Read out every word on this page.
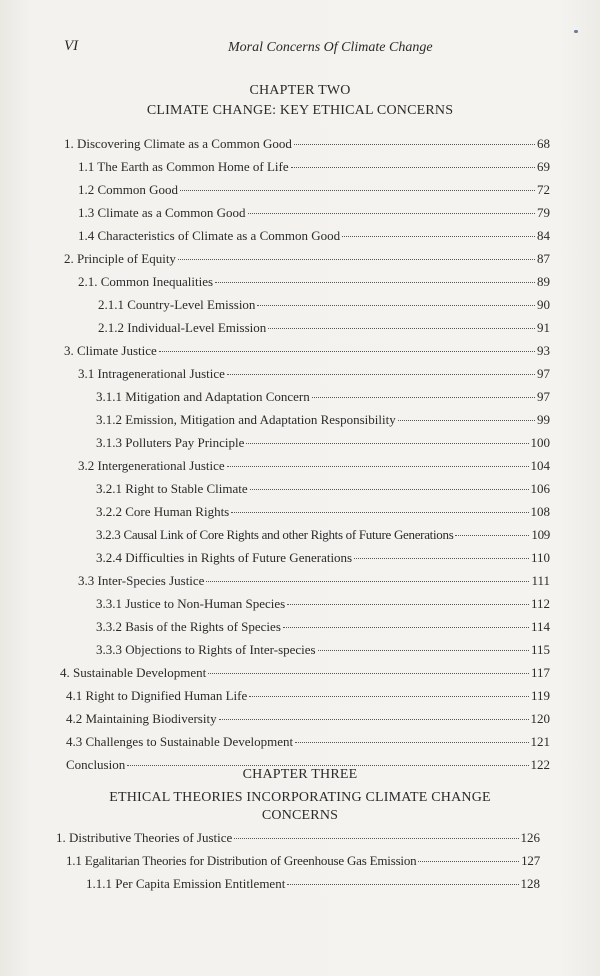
VI	Moral Concerns Of Climate Change
CHAPTER TWO
CLIMATE CHANGE: KEY ETHICAL CONCERNS
1. Discovering Climate as a Common Good	68
1.1 The Earth as Common Home of Life	69
1.2 Common Good	72
1.3 Climate as a Common Good	79
1.4 Characteristics of Climate as a Common Good	84
2. Principle of Equity	87
2.1. Common Inequalities	89
2.1.1 Country-Level Emission	90
2.1.2 Individual-Level Emission	91
3. Climate Justice	93
3.1 Intragenerational Justice	97
3.1.1 Mitigation and Adaptation Concern	97
3.1.2 Emission, Mitigation and Adaptation Responsibility	99
3.1.3 Polluters Pay Principle	100
3.2 Intergenerational Justice	104
3.2.1 Right to Stable Climate	106
3.2.2 Core Human Rights	108
3.2.3 Causal Link of Core Rights and other Rights of Future Generations	109
3.2.4 Difficulties in Rights of Future Generations	110
3.3 Inter-Species Justice	111
3.3.1 Justice to Non-Human Species	112
3.3.2 Basis of the Rights of Species	114
3.3.3 Objections to Rights of Inter-species	115
4. Sustainable Development	117
4.1 Right to Dignified Human Life	119
4.2 Maintaining Biodiversity	120
4.3 Challenges to Sustainable Development	121
Conclusion	122
CHAPTER THREE
ETHICAL THEORIES INCORPORATING CLIMATE CHANGE
CONCERNS
1. Distributive Theories of Justice	126
1.1 Egalitarian Theories for Distribution of Greenhouse Gas Emission	127
1.1.1 Per Capita Emission Entitlement	128
